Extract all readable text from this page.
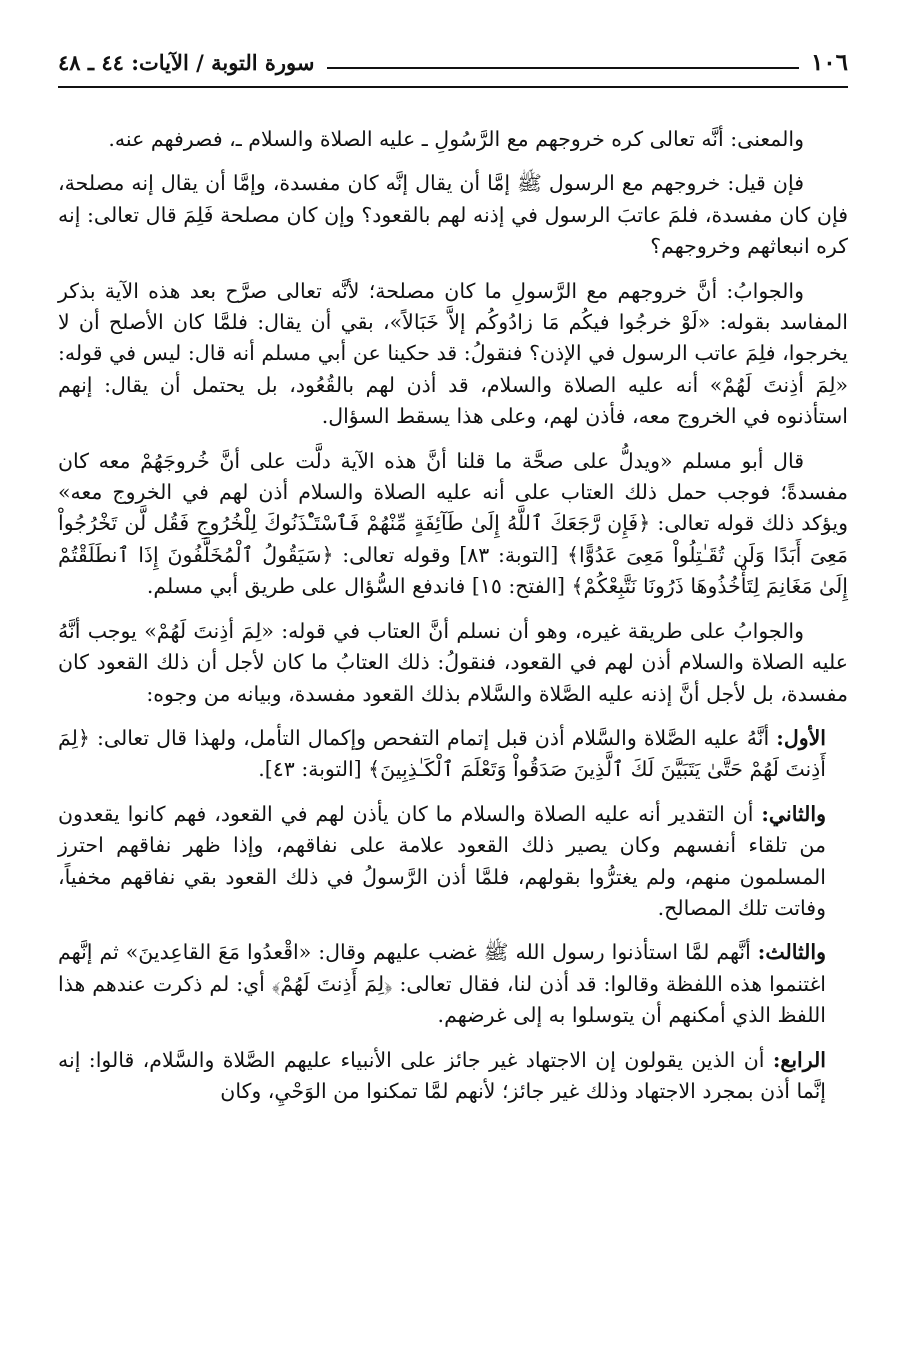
١٠٦
سورة التوبة / الآيات: ٤٤ ـ ٤٨

والمعنى: أنَّه تعالى كره خروجهم مع الرَّسُولِ ـ عليه الصلاة والسلام ـ، فصرفهم عنه.

فإن قيل: خروجهم مع الرسول ﷺ إمَّا أن يقال إنَّه كان مفسدة، وإمَّا أن يقال إنه مصلحة، فإن كان مفسدة، فلمَ عاتبَ الرسول في إذنه لهم بالقعود؟ وإن كان مصلحة فَلِمَ قال تعالى: إنه كره انبعاثهم وخروجهم؟

والجوابُ: أنَّ خروجهم مع الرَّسولِ ما كان مصلحة؛ لأنَّه تعالى صرَّح بعد هذه الآية بذكر المفاسد بقوله: «لَوْ خرجُوا فيكُم مَا زادُوكُم إلاَّ خَبَالاً»، بقي أن يقال: فلمَّا كان الأصلح أن لا يخرجوا، فلِمَ عاتب الرسول في الإذن؟ فنقولُ: قد حكينا عن أبي مسلم أنه قال: ليس في قوله: «لِمَ أذِنتَ لَهُمْ» أنه عليه الصلاة والسلام، قد أذن لهم بالقُعُود، بل يحتمل أن يقال: إنهم استأذنوه في الخروج معه، فأذن لهم، وعلى هذا يسقط السؤال.

قال أبو مسلم «ويدلُّ على صحَّة ما قلنا أنَّ هذه الآية دلَّت على أنَّ خُروجَهُمْ معه كان مفسدةً؛ فوجب حمل ذلك العتاب على أنه عليه الصلاة والسلام أذن لهم في الخروج معه» ويؤكد ذلك قوله تعالى: ﴿فَإِن رَّجَعَكَ ٱللَّهُ إِلَىٰ طَآئِفَةٍ مِّنْهُمْ فَٱسْتَـْٔذَنُوكَ لِلْخُرُوجِ فَقُل لَّن تَخْرُجُواْ مَعِىَ أَبَدًا وَلَن تُقَـٰتِلُواْ مَعِىَ عَدُوًّا﴾ [التوبة: ٨٣] وقوله تعالى: ﴿سَيَقُولُ ٱلْمُخَلَّفُونَ إِذَا ٱنطَلَقْتُمْ إِلَىٰ مَغَانِمَ لِتَأْخُذُوهَا ذَرُونَا نَتَّبِعْكُمْ﴾ [الفتح: ١٥] فاندفع السُّؤال على طريق أبي مسلم.

والجوابُ على طريقة غيره، وهو أن نسلم أنَّ العتاب في قوله: «لِمَ أذِنتَ لَهُمْ» يوجب أنَّهُ عليه الصلاة والسلام أذن لهم في القعود، فنقولُ: ذلك العتابُ ما كان لأجل أن ذلك القعود كان مفسدة، بل لأجل أنَّ إذنه عليه الصَّلاة والسَّلام بذلك القعود مفسدة، وبيانه من وجوه:

الأول: أنَّهُ عليه الصَّلاة والسَّلام أذن قبل إتمام التفحص وإكمال التأمل، ولهذا قال تعالى: ﴿لِمَ أَذِنتَ لَهُمْ حَتَّىٰ يَتَبَيَّنَ لَكَ ٱلَّذِينَ صَدَقُواْ وَتَعْلَمَ ٱلْكَـٰذِبِينَ﴾ [التوبة: ٤٣].

والثاني: أن التقدير أنه عليه الصلاة والسلام ما كان يأذن لهم في القعود، فهم كانوا يقعدون من تلقاء أنفسهم وكان يصير ذلك القعود علامة على نفاقهم، وإذا ظهر نفاقهم احترز المسلمون منهم، ولم يغترُّوا بقولهم، فلمَّا أذن الرَّسولُ في ذلك القعود بقي نفاقهم مخفياً، وفاتت تلك المصالح.

والثالث: أنَّهم لمَّا استأذنوا رسول الله ﷺ غضب عليهم وقال: «اقْعدُوا مَعَ القاعِدينَ» ثم إنَّهم اغتنموا هذه اللفظة وقالوا: قد أذن لنا، فقال تعالى: ﴿لِمَ أَذِنتَ لَهُمْ﴾ أي: لم ذكرت عندهم هذا اللفظ الذي أمكنهم أن يتوسلوا به إلى غرضهم.

الرابع: أن الذين يقولون إن الاجتهاد غير جائز على الأنبياء عليهم الصَّلاة والسَّلام، قالوا: إنه إنَّما أذن بمجرد الاجتهاد وذلك غير جائز؛ لأنهم لمَّا تمكنوا من الوَحْيِ، وكان
